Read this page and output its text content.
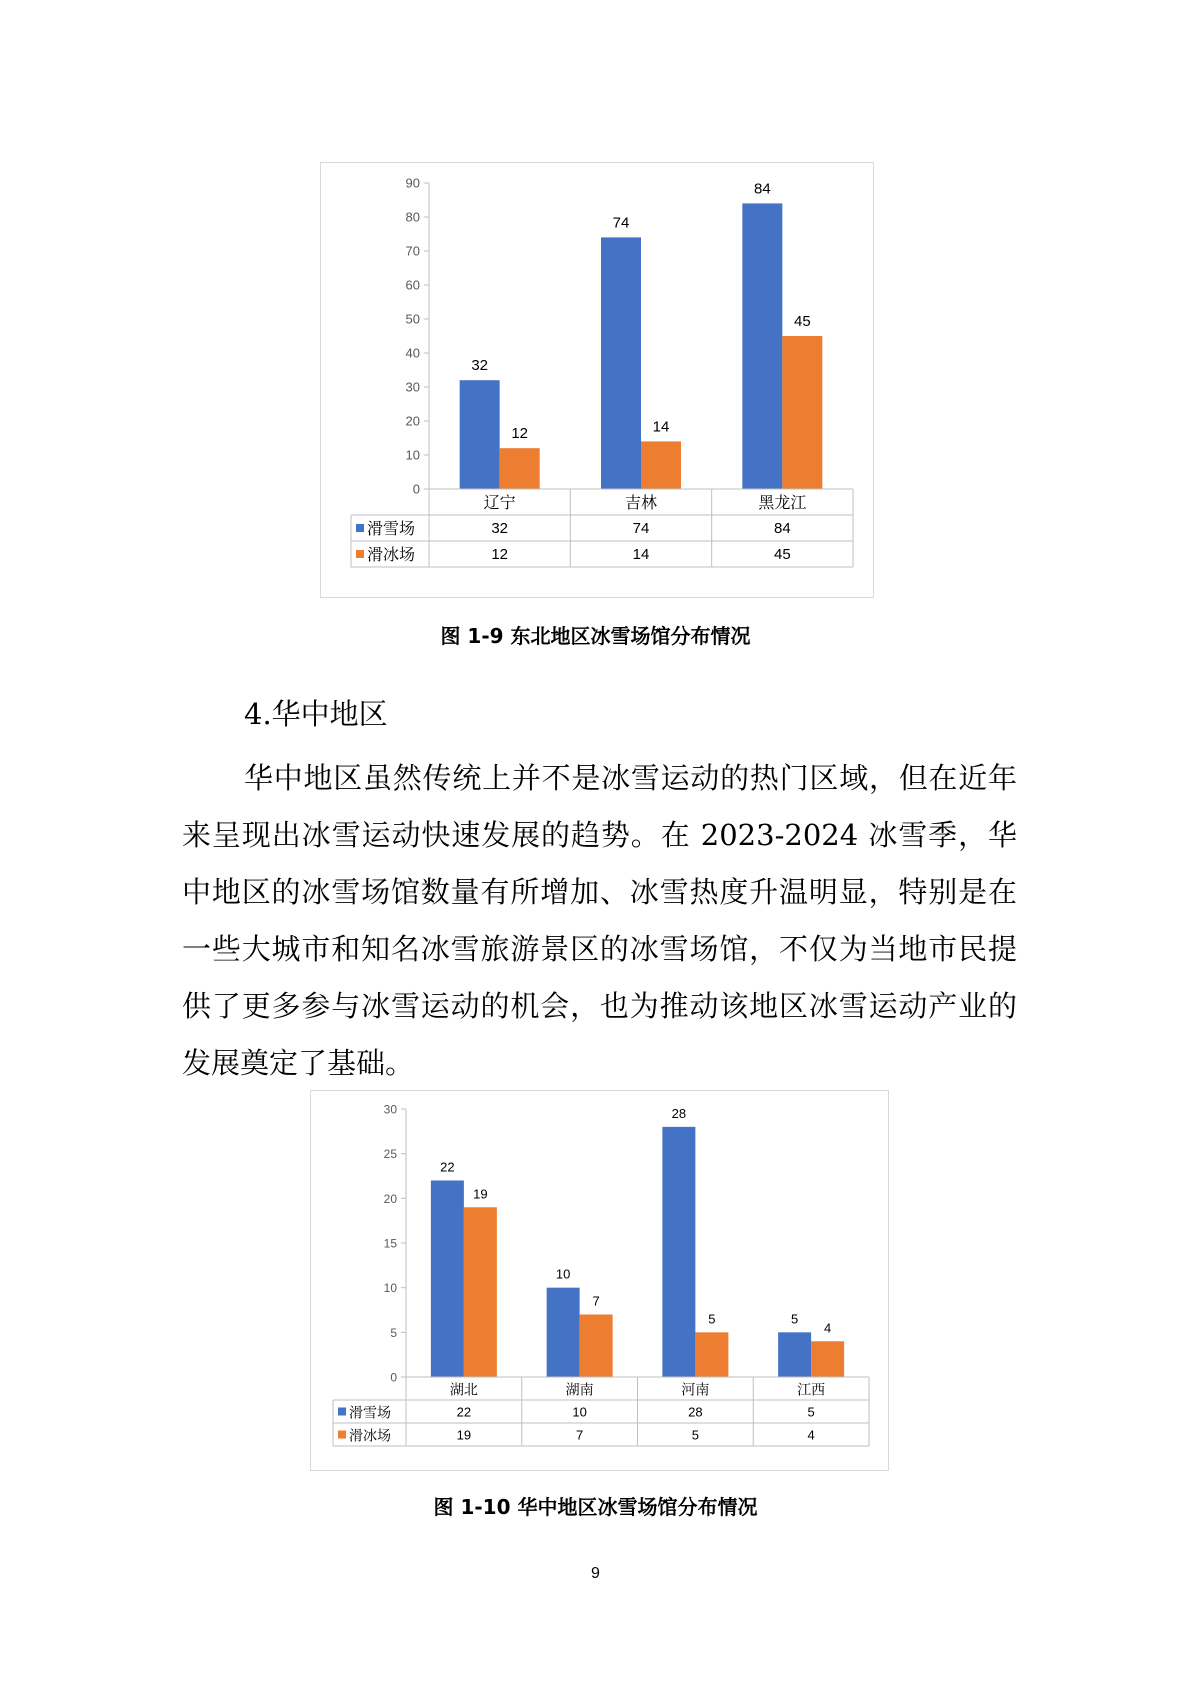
0
10
20
30
40
50
60
70
80
90
32
74
84
12	14
45
辽宁	吉林	黑龙江
滑雪场	32	74	84
滑冰场	12	14	45
图 1-9 东北地区冰雪场馆分布情况
4.华中地区

华中地区虽然传统上并不是冰雪运动的热门区域，但在近年来呈现出冰雪运动快速发展的趋势。在 2023-2024 冰雪季，华中地区的冰雪场馆数量有所增加、冰雪热度升温明显，特别是在一些大城市和知名冰雪旅游景区的冰雪场馆，不仅为当地市民提供了更多参与冰雪运动的机会，也为推动该地区冰雪运动产业的发展奠定了基础。

0
5
10
15
20
25
30
22
10
28
5
19
7
5
4
湖北	湖南	河南	江西
滑雪场	22	10	28	5
滑冰场	19	7	5	4
图 1-10 华中地区冰雪场馆分布情况
9
